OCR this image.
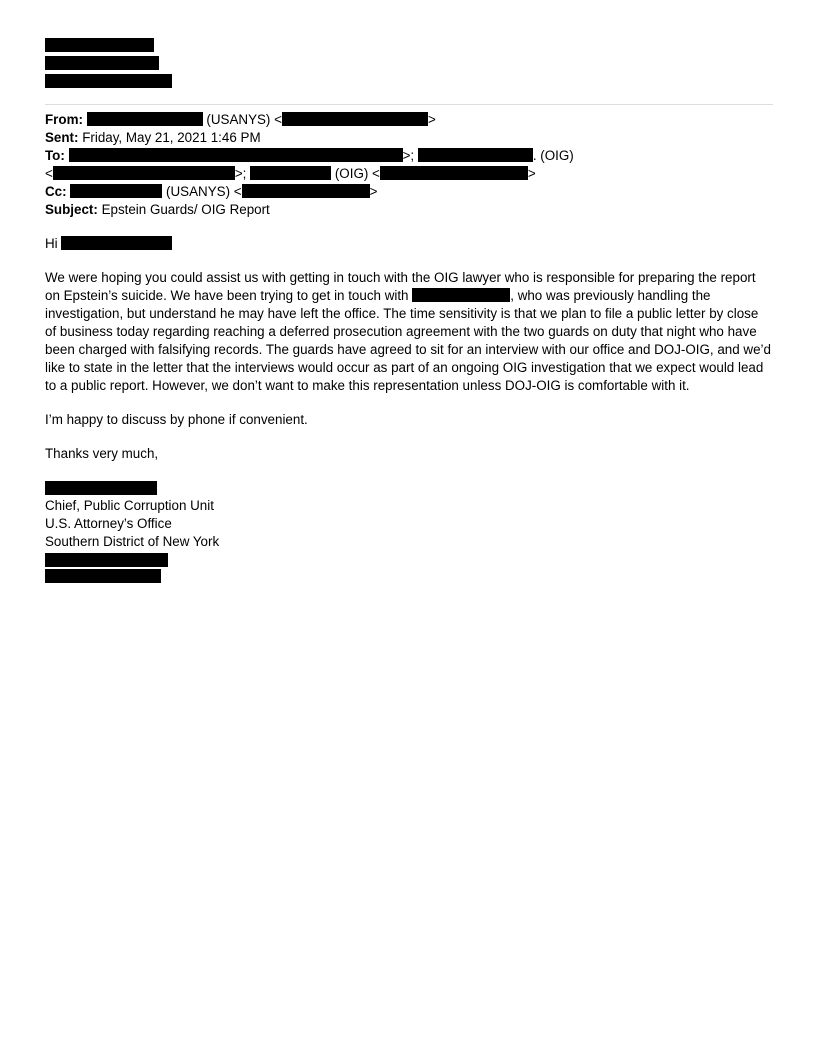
From:	(USANYS) <	>
Sent: Friday, May 21, 2021 1:46 PM
To:	>;	. (OIG)
<	>;	(OIG) <	>
Cc:	(USANYS) <	>
Subject: Epstein Guards/ OIG Report

Hi

We were hoping you could assist us with getting in touch with the OIG lawyer who is responsible for preparing the report on Epstein’s suicide. We have been trying to get in touch with	, who was previously handling the investigation, but understand he may have left the office. The time sensitivity is that we plan to file a public letter by close of business today regarding reaching a deferred prosecution agreement with the two guards on duty that night who have been charged with falsifying records. The guards have agreed to sit for an interview with our office and DOJ-OIG, and we’d like to state in the letter that the interviews would occur as part of an ongoing OIG investigation that we expect would lead to a public report. However, we don’t want to make this representation unless DOJ-OIG is comfortable with it.

I’m happy to discuss by phone if convenient.

Thanks very much,

Chief, Public Corruption Unit
U.S. Attorney’s Office
Southern District of New York
